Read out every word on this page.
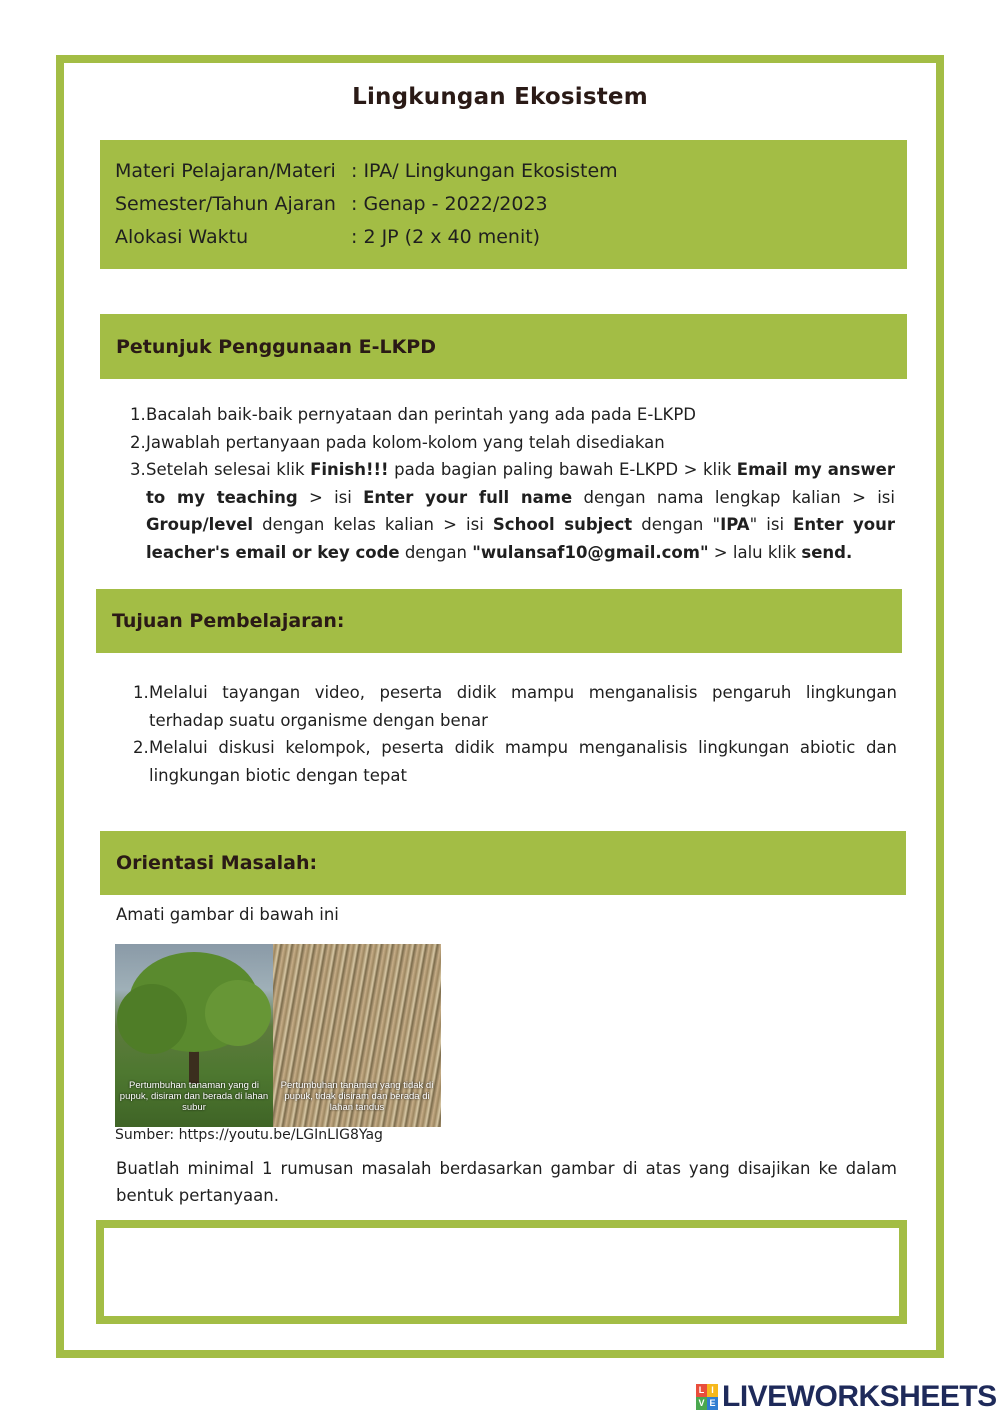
Lingkungan Ekosistem
Materi Pelajaran/Materi : IPA/ Lingkungan Ekosistem
Semester/Tahun Ajaran : Genap - 2022/2023
Alokasi Waktu	: 2 JP (2 x 40 menit)
Petunjuk Penggunaan E-LKPD
1. Bacalah baik-baik pernyataan dan perintah yang ada pada E-LKPD
2. Jawablah pertanyaan pada kolom-kolom yang telah disediakan
3. Setelah selesai klik Finish!!! pada bagian paling bawah E-LKPD > klik Email my answer to my teaching > isi Enter your full name dengan nama lengkap kalian > isi Group/level dengan kelas kalian > isi School subject dengan "IPA" isi Enter your leacher's email or key code dengan "wulansaf10@gmail.com" > lalu klik send.
Tujuan Pembelajaran:
1. Melalui tayangan video, peserta didik mampu menganalisis pengaruh lingkungan terhadap suatu organisme dengan benar
2. Melalui diskusi kelompok, peserta didik mampu menganalisis lingkungan abiotic dan lingkungan biotic dengan tepat
Orientasi Masalah:

Amati gambar di bawah ini

Pertumbuhan tanaman yang di pupuk, disiram dan berada di lahan subur
Pertumbuhan tanaman yang tidak di pupuk, tidak disiram dan berada di lahan tandus

Sumber: https://youtu.be/LGInLIG8Yag

Buatlah minimal 1 rumusan masalah berdasarkan gambar di atas yang disajikan ke dalam bentuk pertanyaan.

L I
V E LIVEWORKSHEETS
